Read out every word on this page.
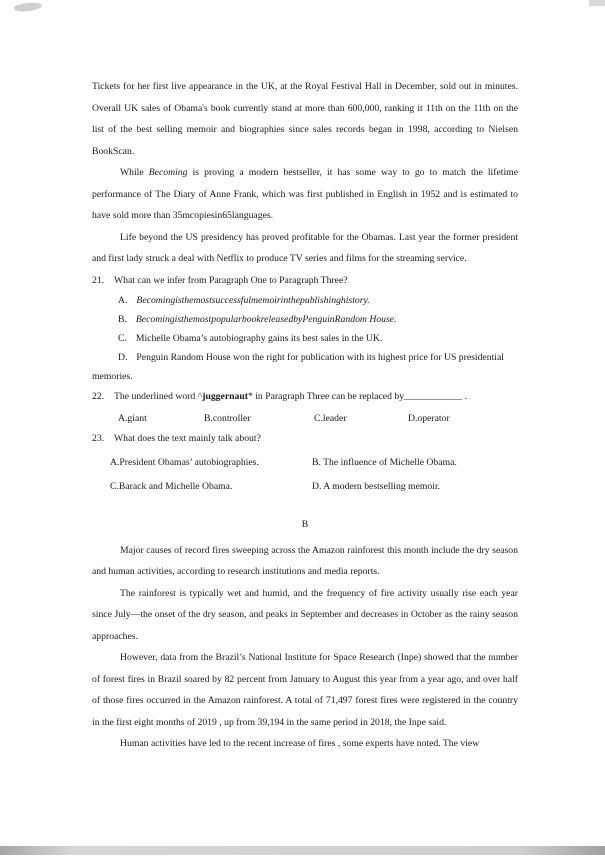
Tickets for her first live appearance in the UK, at the Royal Festival Hall in December, sold out in minutes. Overall UK sales of Obama's book currently stand at more than 600,000, ranking it 11th on the 11th on the list of the best selling memoir and biographies since sales records began in 1998, according to Nielsen BookScan.

While Becoming is proving a modern bestseller, it has some way to go to match the lifetime performance of The Diary of Anne Frank, which was first published in English in 1952 and is estimated to have sold more than 35mcopiesin65languages.

Life beyond the US presidency has proved profitable for the Obamas. Last year the former president and first lady struck a deal with Netflix to produce TV series and films for the streaming service.

21. What can we infer from Paragraph One to Paragraph Three?
A. Becomingisthemostsuccessfulmemoirinthepublishinghistory.
B. BecomingisthemostpopularbookreleasedbyPenguinRandom House.
C. Michelle Obama’s autobiography gains its best sales in the UK.
D. Penguin Random House won the right for publication with its highest price for US presidential memories.
22. The underlined word ^juggernaut* in Paragraph Three can be replaced by____________ .
A.giant	B.controller	C.leader	D.operator
23. What does the text mainly talk about?
A.President Obamas’ autobiographies.	B. The influence of Michelle Obama.
C.Barack and Michelle Obama.	D. A modern bestselling memoir.
B

Major causes of record fires sweeping across the Amazon rainforest this month include the dry season and human activities, according to research institutions and media reports.

The rainforest is typically wet and humid, and the frequency of fire activity usually rise each year since July—the onset of the dry season, and peaks in September and decreases in October as the rainy season approaches.

However, data from the Brazil’s National Institute for Space Research (Inpe) showed that the number of forest fires in Brazil soared by 82 percent from January to August this year from a year ago, and over half of those fires occurred in the Amazon rainforest. A total of 71,497 forest fires were registered in the country in the first eight months of 2019 , up from 39,194 in the same period in 2018, the Inpe said.

Human activities have led to the recent increase of fires , some experts have noted. The view
